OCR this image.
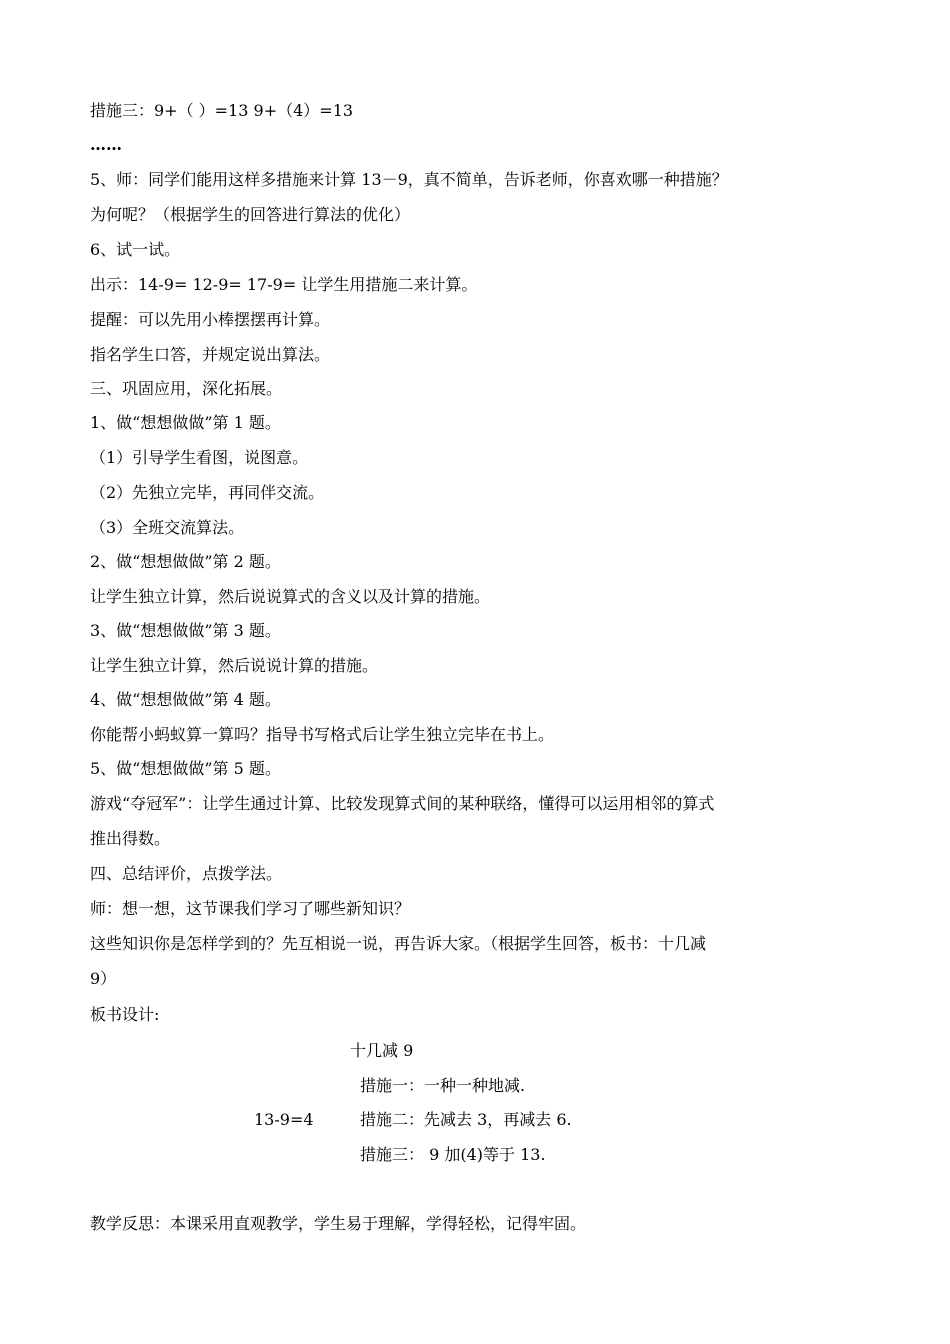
措施三：9+（ ）=13 9+（4）=13
……
5、师：同学们能用这样多措施来计算 13－9，真不简单，告诉老师，你喜欢哪一种措施？
为何呢？（根据学生的回答进行算法的优化）
6、试一试。
出示：14-9= 12-9= 17-9= 让学生用措施二来计算。
提醒：可以先用小棒摆摆再计算。
指名学生口答，并规定说出算法。
三、巩固应用，深化拓展。
1、做“想想做做”第 1 题。
（1）引导学生看图，说图意。
（2）先独立完毕，再同伴交流。
（3）全班交流算法。
2、做“想想做做”第 2 题。
让学生独立计算，然后说说算式的含义以及计算的措施。
3、做“想想做做”第 3 题。
让学生独立计算，然后说说计算的措施。
4、做“想想做做”第 4 题。
你能帮小蚂蚁算一算吗？指导书写格式后让学生独立完毕在书上。
5、做“想想做做”第 5 题。
游戏“夺冠军”：让学生通过计算、比较发现算式间的某种联络，懂得可以运用相邻的算式
推出得数。
四、总结评价，点拨学法。
师：想一想，这节课我们学习了哪些新知识？
这些知识你是怎样学到的？先互相说一说，再告诉大家。（根据学生回答，板书：十几减
9）
板书设计:
十几减 9
措施一：一种一种地减.
13-9=4	措施二：先减去 3，再减去 6.
措施三： 9 加(4)等于 13.
教学反思：本课采用直观教学，学生易于理解，学得轻松，记得牢固。
